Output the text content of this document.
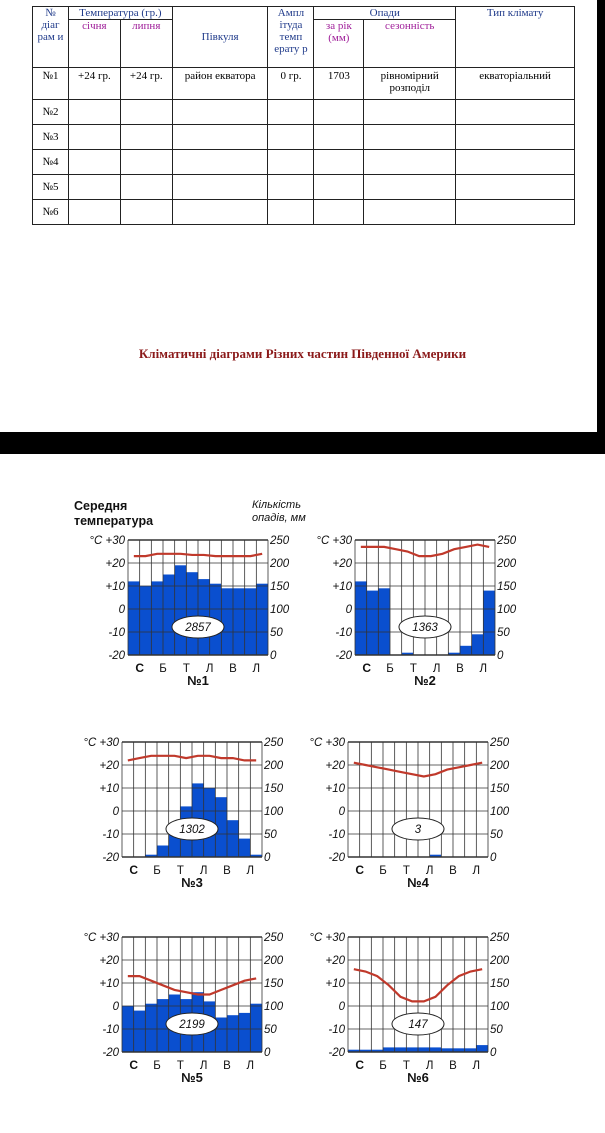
№ діаг рам и	Температура (гр.)		Півкуля	Ампл ітуда темп ерату р	Опади		Тип клімату
	січня	липня			за рік (мм)	сезонність	
№1	+24 гр.	+24 гр.	район екватора	0 гр.	1703	рівномірний розподіл	екваторіальний
№2							
№3							
№4							
№5							
№6							
Кліматичні діаграми Різних частин Південної Америки
Середня
температура
Кількість
опадів, мм
°C +30
+20
+10
0
-10
-20
250
200
150
100
50
0
2857
С Б Т Л В Л
№1
°C +30
+20
+10
0
-10
-20
250
200
150
100
50
0
1363
С Б Т Л В Л
№2
°C +30
+20
+10
0
-10
-20
250
200
150
100
50
0
1302
С Б Т Л В Л
№3
°C +30
+20
+10
0
-10
-20
250
200
150
100
50
0
3
С Б Т Л В Л
№4
°C +30
+20
+10
0
-10
-20
250
200
150
100
50
0
2199
С Б Т Л В Л
№5
°C +30
+20
+10
0
-10
-20
250
200
150
100
50
0
147
С Б Т Л В Л
№6
